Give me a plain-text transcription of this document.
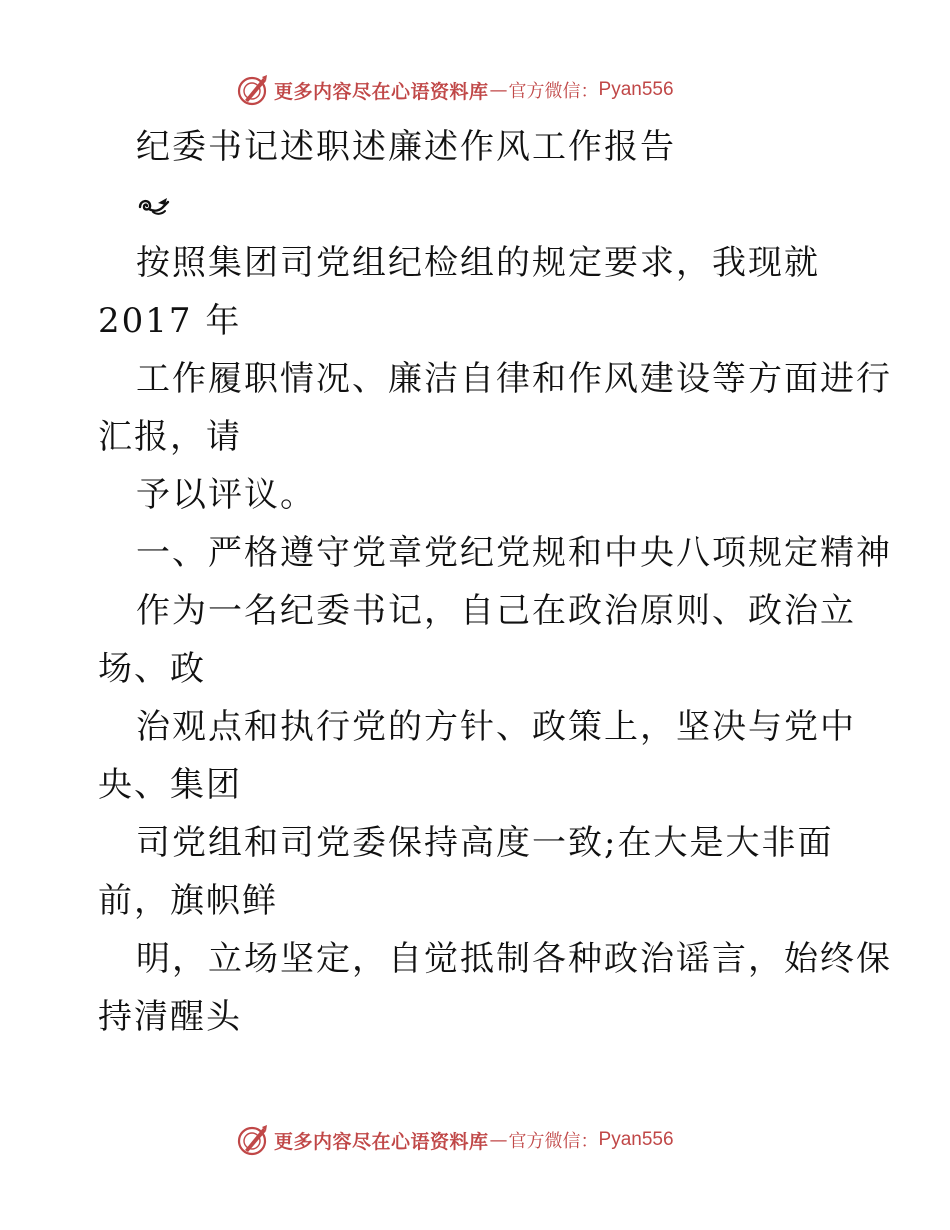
更多内容尽在心语资料库 — 官方微信： Pyan556
纪委书记述职述廉述作风工作报告
按照集团司党组纪检组的规定要求，我现就
2017 年
工作履职情况、廉洁自律和作风建设等方面进行
汇报，请
予以评议。
一、严格遵守党章党纪党规和中央八项规定精神
作为一名纪委书记，自己在政治原则、政治立
场、政
治观点和执行党的方针、政策上，坚决与党中
央、集团
司党组和司党委保持高度一致;在大是大非面
前，旗帜鲜
明，立场坚定，自觉抵制各种政治谣言，始终保
持清醒头
更多内容尽在心语资料库 — 官方微信： Pyan556
